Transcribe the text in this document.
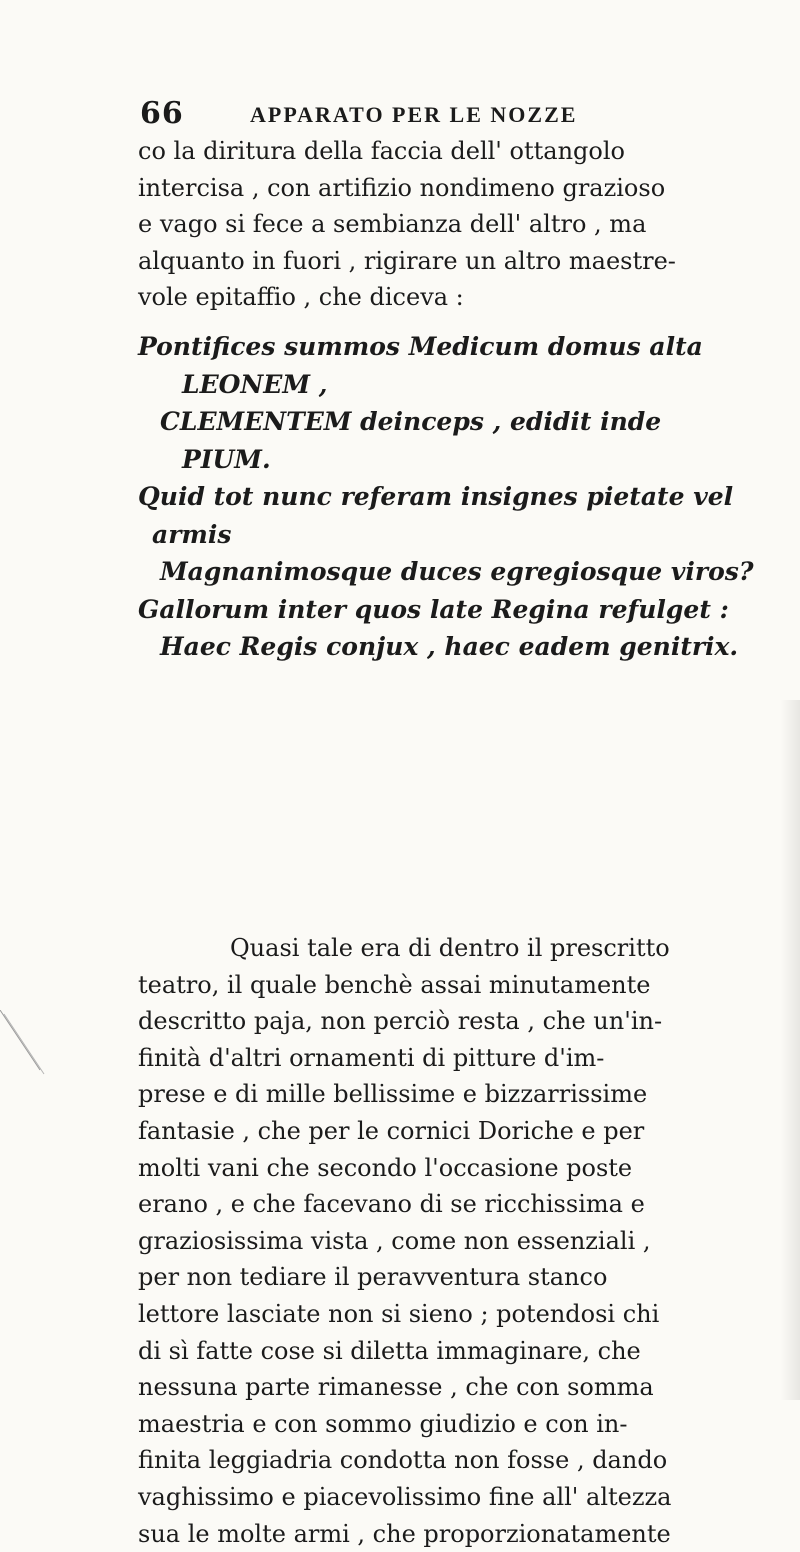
66	APPARATO PER LE NOZZE

co la diritura della faccia dell' ottangolo
intercisa , con artifizio nondimeno grazioso
e vago si fece a sembianza dell' altro , ma
alquanto in fuori , rigirare un altro maestre-
vole epitaffio , che diceva :

Pontifices summos Medicum domus alta
LEONEM ,
CLEMENTEM deinceps , edidit inde
PIUM.
Quid tot nunc referam insignes pietate vel
armis
Magnanimosque duces egregiosque viros?
Gallorum inter quos late Regina refulget :
Haec Regis conjux , haec eadem genitrix.

Quasi tale era di dentro il prescritto
teatro, il quale benchè assai minutamente
descritto paja, non perciò resta , che un'in-
finità d'altri ornamenti di pitture d'im-
prese e di mille bellissime e bizzarrissime
fantasie , che per le cornici Doriche e per
molti vani che secondo l'occasione poste
erano , e che facevano di se ricchissima e
graziosissima vista , come non essenziali ,
per non tediare il peravventura stanco
lettore lasciate non si sieno ; potendosi chi
di sì fatte cose si diletta immaginare, che
nessuna parte rimanesse , che con somma
maestria e con sommo giudizio e con in-
finita leggiadria condotta non fosse , dando
vaghissimo e piacevolissimo fine all' altezza
sua le molte armi , che proporzionatamente
